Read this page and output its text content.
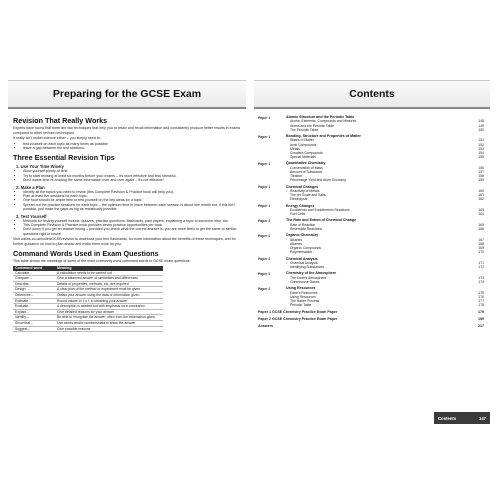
Preparing for the GCSE Exam
Revision That Really Works

Experts have found that there are two techniques that help you to retain and recall information and consistently produce better results in exams compared to other revision techniques.

It really isn't rocket science either – you simply need to:

• test yourself on each topic as many times as possible
• leave a gap between the test sessions.
Three Essential Revision Tips
1. Use Your Time Wisely
• Allow yourself plenty of time.
• Try to start revising at least six months before your exams – it's more effective and less stressful.
• Don't waste time re-reading the same information over and over again – it's not effective!
2. Make a Plan
• Identify all the topics you need to revise (this Complete Revision & Practice book will help you).
• Plan at least five sessions for each topic.
• One hour should be ample time to test yourself on the key ideas for a topic.
• Spread out the practice sessions for each topic – the optimum time to leave between each session is about one month but, if this isn't possible, just make the gaps as big as realistically possible.
3. Test Yourself
• Methods for testing yourself include: quizzes, practice questions, flashcards, past papers, explaining a topic to someone else, etc.
• This Complete Revision & Practice book provides seven practice opportunities per topic.
• Don't worry if you get an answer wrong – provided you check what the correct answer is, you are more likely to get the same or similar questions right in future!

Visit collins.co.uk/collinsGCSErevision to download your free flashcards, for more information about the benefits of these techniques, and for further guidance on how to plan ahead and make them work for you.

Command Words Used in Exam Questions

This table shows the meanings of some of the most commonly used command words in GCSE exam questions.

Command word	Meaning
Calculate...	A calculation needs to be carried out
Compare...	Give a balanced answer of similarities and differences
Describe...	Details of properties, methods, etc. are required
Design ...	A clear plan of the method or experiment must be given
Determine...	Obtain your answer using the data or information given
Estimate...	Round values to 1 s.f. in obtaining your answer
Evaluate...	A description is needed but with emphasis on a conclusion
Explain...	Give detailed reasons for your answer
Identify...	Be able to recognise the answer, often from the information given
Show that...	Use words and/or numbers/data to show the answer
Suggest...	Give possible reasons
Contents
Paper 1	Atomic Structure and the Periodic Table
Atoms, Elements, Compounds and Mixtures	148
Atoms and the Periodic Table	149
The Periodic Table	150
Paper 1	Bonding, Structure and Properties of Matter
States of Matter	151
Ionic Compounds	152
Metals	153
Covalent Compounds	154
Special Materials	155
Paper 1	Quantitative Chemistry
Conservation of Mass	156
Amount of Substance	157
Titration	158
Percentage Yield and Atom Economy	159
Paper 1	Chemical Changes
Reactivity of Metals	160
The pH Scale and Salts	161
Electrolysis	162
Paper 1	Energy Changes
Exothermic and Endothermic Reactions	163
Fuel Cells	164
Paper 2	The Rate and Extent of Chemical Change
Rate of Reaction	165
Reversible Reactions	166
Paper 2	Organic Chemistry
Alkanes	167
Alkenes	168
Organic Compounds	169
Polymerisation	170
Paper 2	Chemical Analysis
Chemical Analysis	171
Identifying Substances	172
Paper 2	Chemistry of the Atmosphere
The Earth's Atmosphere	173
Greenhouse Gases	174
Paper 2	Using Resources
Earth's Resources	175
Using Resources	176
The Haber Process	177
Periodic Table	178
Paper 1 GCSE Chemistry Practice Exam Paper	179
Paper 2 GCSE Chemistry Practice Exam Paper	199
Answers	217
Contents	147
